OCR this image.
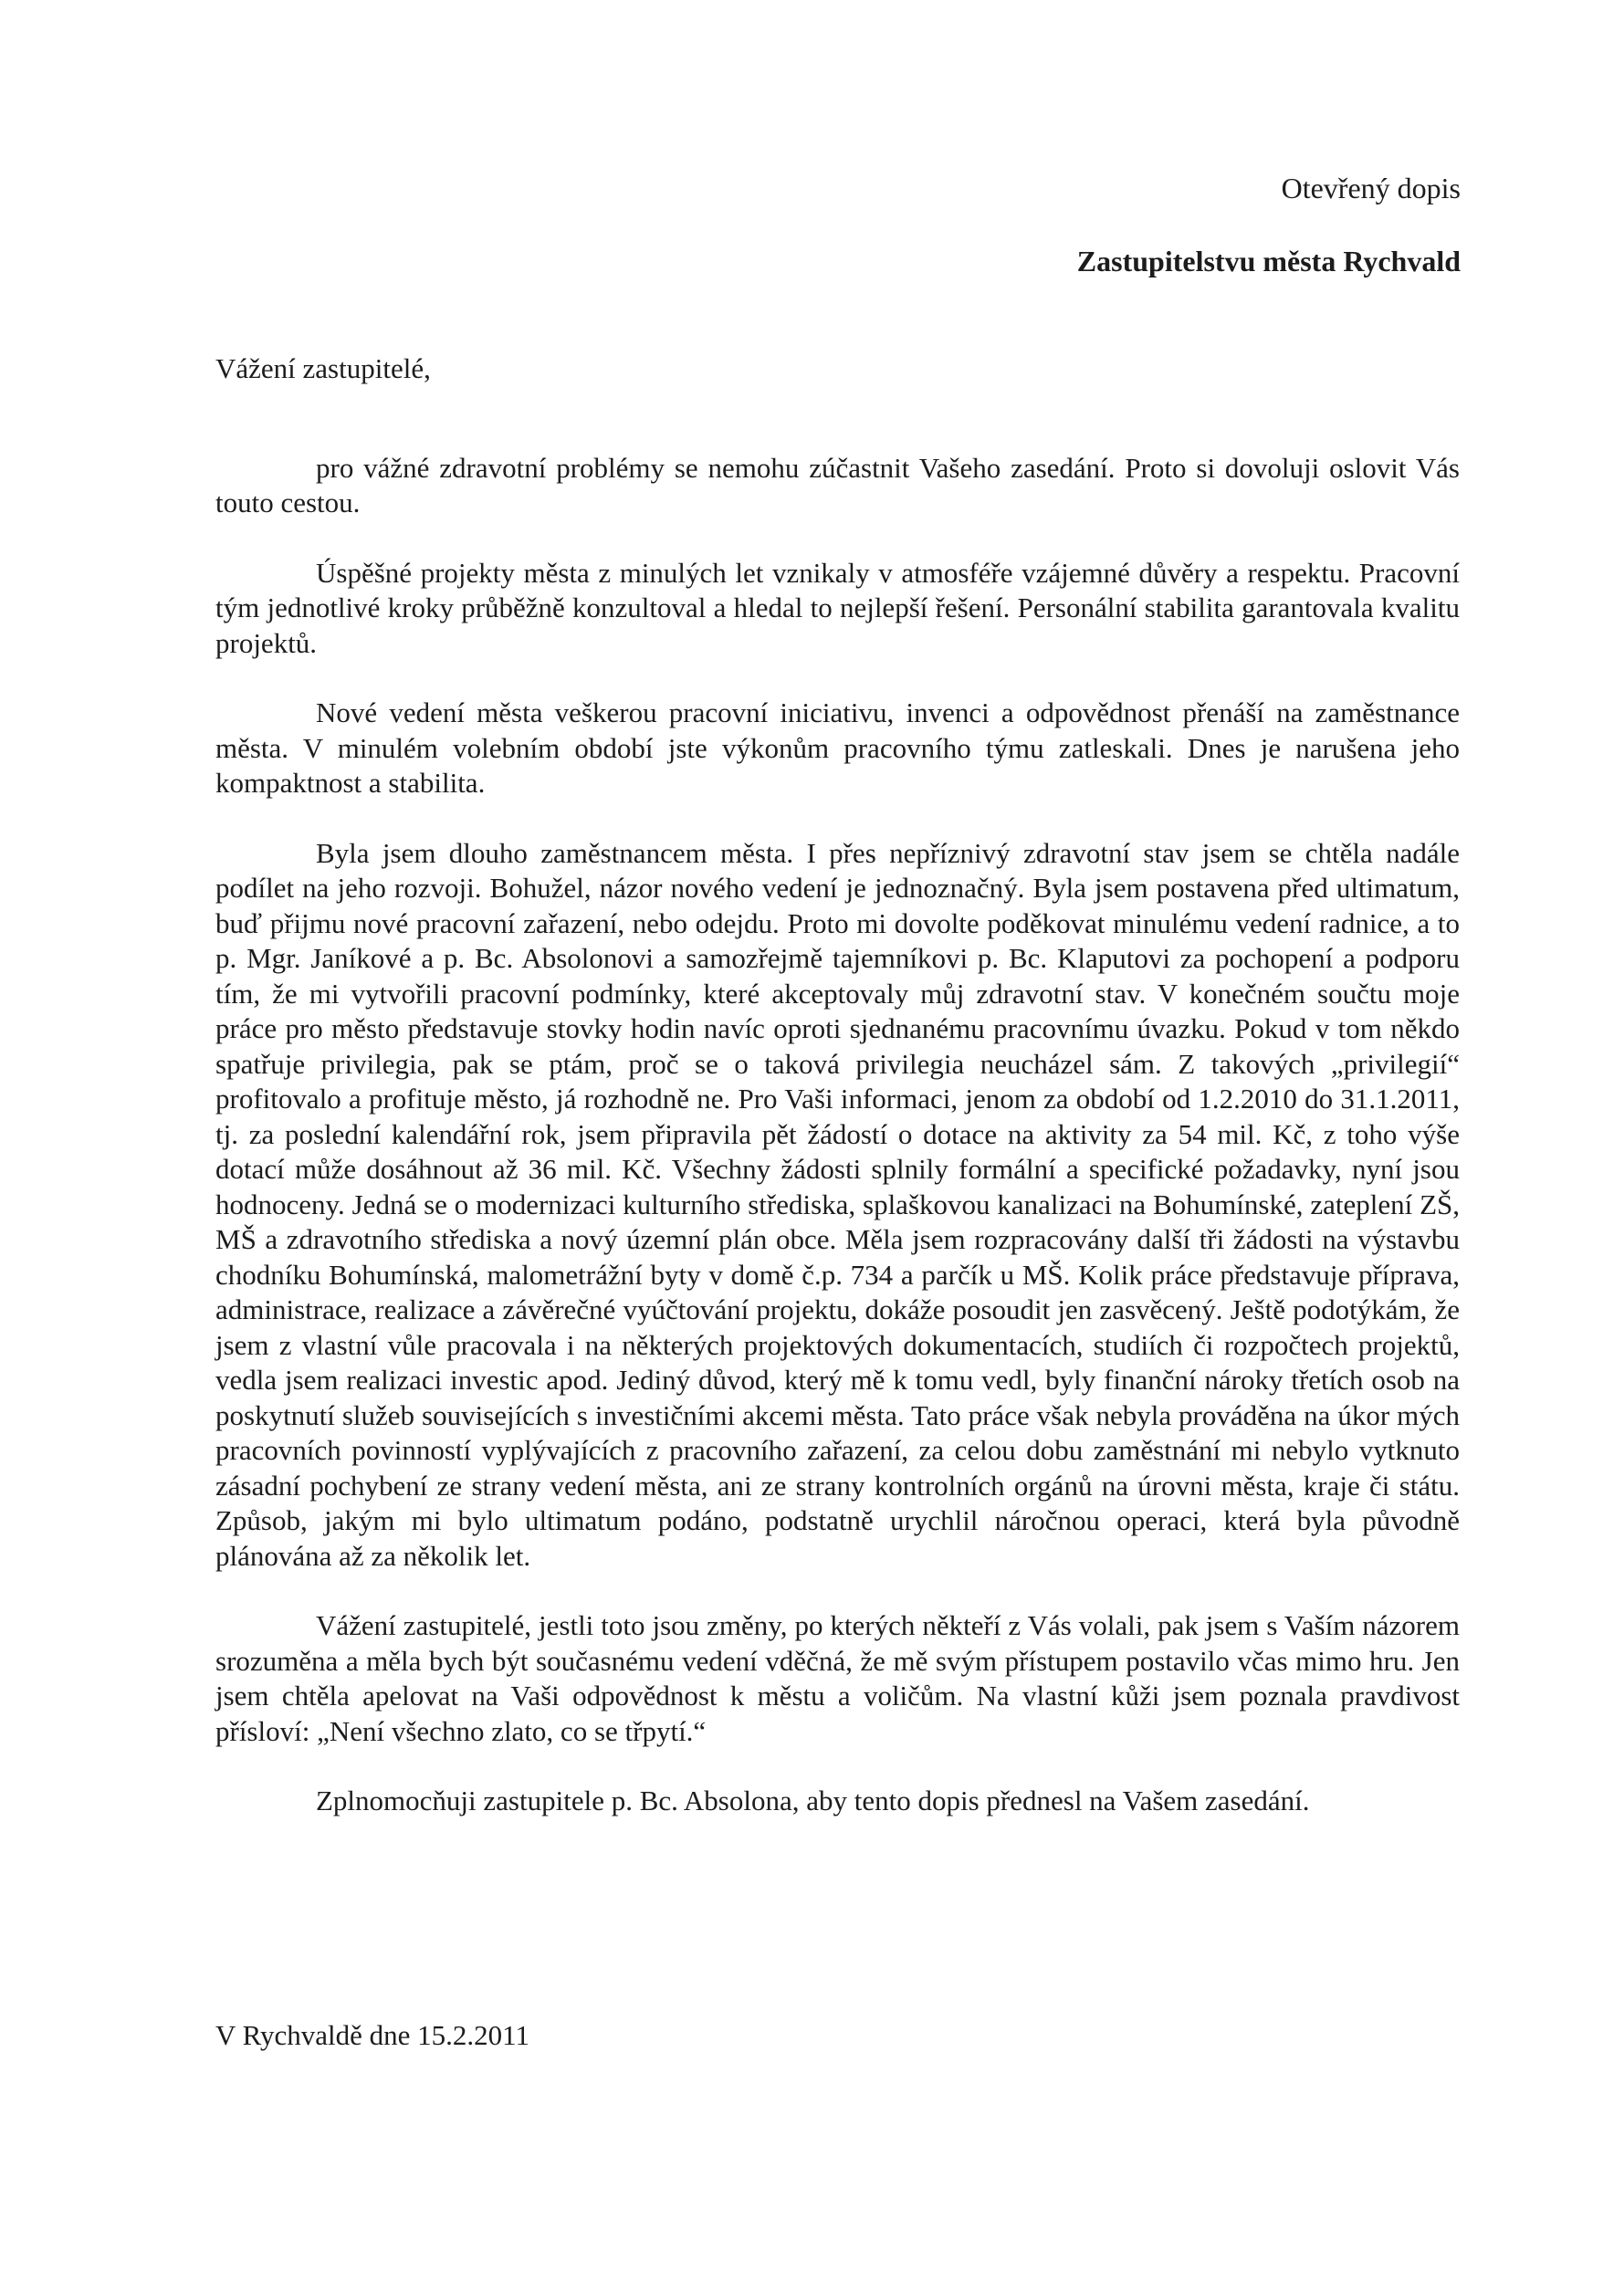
Otevřený dopis
Zastupitelstvu města Rychvald

Vážení zastupitelé,

pro vážné zdravotní problémy se nemohu zúčastnit Vašeho zasedání. Proto si dovoluji oslovit Vás touto cestou.

Úspěšné projekty města z minulých let vznikaly v atmosféře vzájemné důvěry a respektu. Pracovní tým jednotlivé kroky průběžně konzultoval a hledal to nejlepší řešení. Personální stabilita garantovala kvalitu projektů.

Nové vedení města veškerou pracovní iniciativu, invenci a odpovědnost přenáší na zaměstnance města. V minulém volebním období jste výkonům pracovního týmu zatleskali. Dnes je narušena jeho kompaktnost a stabilita.

Byla jsem dlouho zaměstnancem města. I přes nepříznivý zdravotní stav jsem se chtěla nadále podílet na jeho rozvoji. Bohužel, názor nového vedení je jednoznačný. Byla jsem postavena před ultimatum, buď přijmu nové pracovní zařazení, nebo odejdu. Proto mi dovolte poděkovat minulému vedení radnice, a to p. Mgr. Janíkové a p. Bc. Absolonovi a samozřejmě tajemníkovi p. Bc. Klaputovi za pochopení a podporu tím, že mi vytvořili pracovní podmínky, které akceptovaly můj zdravotní stav. V konečném součtu moje práce pro město představuje stovky hodin navíc oproti sjednanému pracovnímu úvazku. Pokud v tom někdo spatřuje privilegia, pak se ptám, proč se o taková privilegia neucházel sám. Z takových „privilegií“ profitovalo a profituje město, já rozhodně ne. Pro Vaši informaci, jenom za období od 1.2.2010 do 31.1.2011, tj. za poslední kalendářní rok, jsem připravila pět žádostí o dotace na aktivity za 54 mil. Kč, z toho výše dotací může dosáhnout až 36 mil. Kč. Všechny žádosti splnily formální a specifické požadavky, nyní jsou hodnoceny. Jedná se o modernizaci kulturního střediska, splaškovou kanalizaci na Bohumínské, zateplení ZŠ, MŠ a zdravotního střediska a nový územní plán obce. Měla jsem rozpracovány další tři žádosti na výstavbu chodníku Bohumínská, malometrážní byty v domě č.p. 734 a parčík u MŠ. Kolik práce představuje příprava, administrace, realizace a závěrečné vyúčtování projektu, dokáže posoudit jen zasvěcený. Ještě podotýkám, že jsem z vlastní vůle pracovala i na některých projektových dokumentacích, studiích či rozpočtech projektů, vedla jsem realizaci investic apod. Jediný důvod, který mě k tomu vedl, byly finanční nároky třetích osob na poskytnutí služeb souvisejících s investičními akcemi města. Tato práce však nebyla prováděna na úkor mých pracovních povinností vyplývajících z pracovního zařazení, za celou dobu zaměstnání mi nebylo vytknuto zásadní pochybení ze strany vedení města, ani ze strany kontrolních orgánů na úrovni města, kraje či státu. Způsob, jakým mi bylo ultimatum podáno, podstatně urychlil náročnou operaci, která byla původně plánována až za několik let.

Vážení zastupitelé, jestli toto jsou změny, po kterých někteří z Vás volali, pak jsem s Vaším názorem srozuměna a měla bych být současnému vedení vděčná, že mě svým přístupem postavilo včas mimo hru. Jen jsem chtěla apelovat na Vaši odpovědnost k městu a voličům. Na vlastní kůži jsem poznala pravdivost přísloví: „Není všechno zlato, co se třpytí.“

Zplnomocňuji zastupitele p. Bc. Absolona, aby tento dopis přednesl na Vašem zasedání.

V Rychvaldě dne 15.2.2011
